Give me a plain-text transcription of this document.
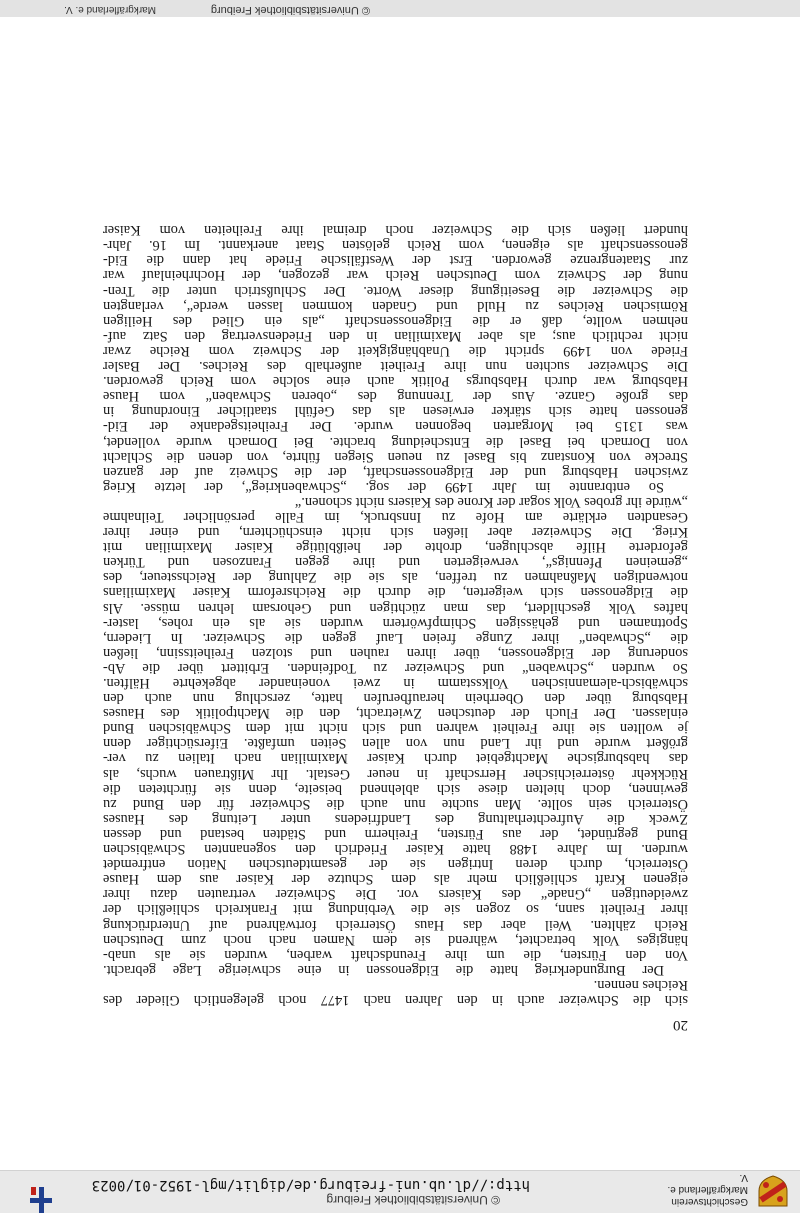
Geschichtsverein
Markgräflerland e. V.
© Universitätsbibliothek Freiburg
http://dl.ub.uni-freiburg.de/diglit/mgl-1952-01/0023
20
sich die Schweizer auch in den Jahren nach 1477 noch gelegentlich Glieder des
Reiches nennen.
Der Burgunderkrieg hatte die Eidgenossen in eine schwierige Lage gebracht.
Von den Fürsten, die um ihre Freundschaft warben, wurden sie als unab-
hängiges Volk betrachtet, während sie dem Namen nach noch zum Deutschen
Reich zählten. Weil aber das Haus Österreich fortwährend auf Unterdrückung
ihrer Freiheit sann, so zogen sie die Verbindung mit Frankreich schließlich der
zweideutigen „Gnade“ des Kaisers vor. Die Schweizer vertrauten dazu ihrer
eigenen Kraft schließlich mehr als dem Schutze der Kaiser aus dem Hause
Österreich, durch deren Intrigen sie der gesamtdeutschen Nation entfremdet
wurden. Im Jahre 1488 hatte Kaiser Friedrich den sogenannten Schwäbischen
Bund gegründet, der aus Fürsten, Freiherrn und Städten bestand und dessen
Zweck die Aufrechterhaltung des Landfriedens unter Leitung des Hauses
Österreich sein sollte. Man suchte nun auch die Schweizer für den Bund zu
gewinnen, doch hielten diese sich ablehnend beiseite, denn sie fürchteten die
Rückkehr österreichischer Herrschaft in neuer Gestalt. Ihr Mißtrauen wuchs, als
das habsburgische Machtgebiet durch Kaiser Maximilian nach Italien zu ver-
größert wurde und ihr Land nun von allen Seiten umfaßte. Eifersüchtiger denn
je wollten sie ihre Freiheit wahren und sich nicht mit dem Schwäbischen Bund
einlassen. Der Fluch der deutschen Zwietracht, den die Machtpolitik des Hauses
Habsburg über den Oberrhein heraufberufen hatte, zerschlug nun auch den
schwäbisch-alemannischen Volksstamm in zwei voneinander abgekehrte Hälften.
So wurden „Schwaben“ und Schweizer zu Todfeinden. Erbittert über die Ab-
sonderung der Eidgenossen, über ihren rauhen und stolzen Freiheitssinn, ließen
die „Schwaben“ ihrer Zunge freien Lauf gegen die Schweizer. In Liedern,
Spottnamen und gehässigen Schimpfwörtern wurden sie als ein rohes, laster-
haftes Volk geschildert, das man züchtigen und Gehorsam lehren müsse. Als
die Eidgenossen sich weigerten, die durch die Reichsreform Kaiser Maximilians
notwendigen Maßnahmen zu treffen, als sie die Zahlung der Reichssteuer, des
„gemeinen Pfennigs“, verweigerten und ihre gegen Franzosen und Türken
geforderte Hilfe abschlugen, drohte der heißblütige Kaiser Maximilian mit
Krieg. Die Schweizer aber ließen sich nicht einschüchtern, und einer ihrer
Gesandten erklärte am Hofe zu Innsbruck, im Falle persönlicher Teilnahme
„würde ihr grobes Volk sogar der Krone des Kaisers nicht schonen.“
So entbrannte im Jahr 1499 der sog. „Schwabenkrieg“, der letzte Krieg
zwischen Habsburg und der Eidgenossenschaft, der die Schweiz auf der ganzen
Strecke von Konstanz bis Basel zu neuen Siegen führte, von denen die Schlacht
von Dornach bei Basel die Entscheidung brachte. Bei Dornach wurde vollendet,
was 1315 bei Morgarten begonnen wurde. Der Freiheitsgedanke der Eid-
genossen hatte sich stärker erwiesen als das Gefühl staatlicher Einordnung in
das große Ganze. Aus der Trennung des „oberen Schwaben“ vom Hause
Habsburg war durch Habsburgs Politik auch eine solche vom Reich geworden.
Die Schweizer suchten nun ihre Freiheit außerhalb des Reiches. Der Basler
Friede von 1499 spricht die Unabhängigkeit der Schweiz vom Reiche zwar
nicht rechtlich aus; als aber Maximilian in den Friedensvertrag den Satz auf-
nehmen wollte, daß er die Eidgenossenschaft „als ein Glied des Heiligen
Römischen Reiches zu Huld und Gnaden kommen lassen werde“, verlangten
die Schweizer die Beseitigung dieser Worte. Der Schlußstrich unter die Tren-
nung der Schweiz vom Deutschen Reich war gezogen, der Hochrheinlauf war
zur Staatengrenze geworden. Erst der Westfälische Friede hat dann die Eid-
genossenschaft als eigenen, vom Reich gelösten Staat anerkannt. Im 16. Jahr-
hundert ließen sich die Schweizer noch dreimal ihre Freiheiten vom Kaiser
© Universitätsbibliothek Freiburg
Markgräflerland e. V.
